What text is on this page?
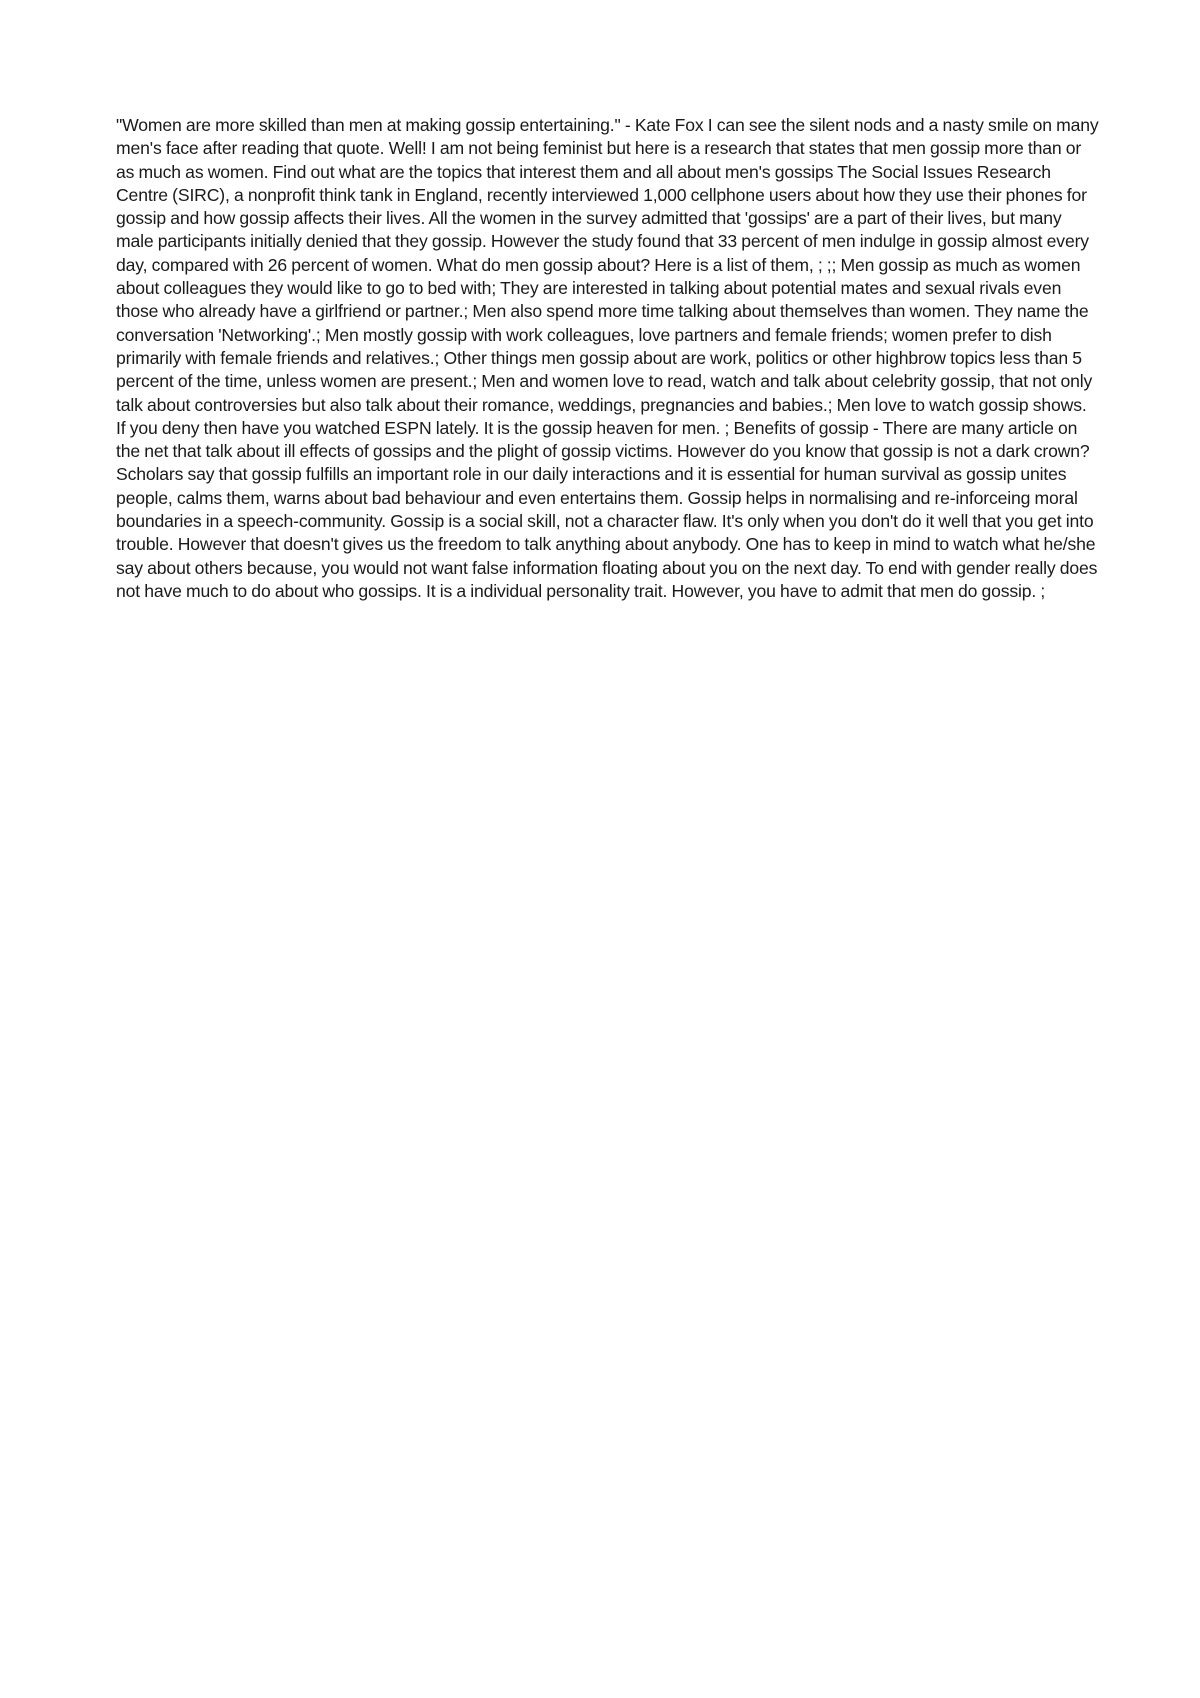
"Women are more skilled than men at making gossip entertaining." - Kate Fox I can see the silent nods and a nasty smile on many men's face after reading that quote. Well! I am not being feminist but here is a research that states that men gossip more than or as much as women. Find out what are the topics that interest them and all about men's gossips The Social Issues Research Centre (SIRC), a nonprofit think tank in England, recently interviewed 1,000 cellphone users about how they use their phones for gossip and how gossip affects their lives. All the women in the survey admitted that 'gossips' are a part of their lives, but many male participants initially denied that they gossip. However the study found that 33 percent of men indulge in gossip almost every day, compared with 26 percent of women. What do men gossip about? Here is a list of them, ; ;; Men gossip as much as women about colleagues they would like to go to bed with; They are interested in talking about potential mates and sexual rivals even those who already have a girlfriend or partner.; Men also spend more time talking about themselves than women. They name the conversation 'Networking'.; Men mostly gossip with work colleagues, love partners and female friends; women prefer to dish primarily with female friends and relatives.; Other things men gossip about are work, politics or other highbrow topics less than 5 percent of the time, unless women are present.; Men and women love to read, watch and talk about celebrity gossip, that not only talk about controversies but also talk about their romance, weddings, pregnancies and babies.; Men love to watch gossip shows. If you deny then have you watched ESPN lately. It is the gossip heaven for men. ; Benefits of gossip - There are many article on the net that talk about ill effects of gossips and the plight of gossip victims. However do you know that gossip is not a dark crown? Scholars say that gossip fulfills an important role in our daily interactions and it is essential for human survival as gossip unites people, calms them, warns about bad behaviour and even entertains them. Gossip helps in normalising and re-inforceing moral boundaries in a speech-community. Gossip is a social skill, not a character flaw. It's only when you don't do it well that you get into trouble. However that doesn't gives us the freedom to talk anything about anybody. One has to keep in mind to watch what he/she say about others because, you would not want false information floating about you on the next day. To end with gender really does not have much to do about who gossips. It is a individual personality trait. However, you have to admit that men do gossip. ;
